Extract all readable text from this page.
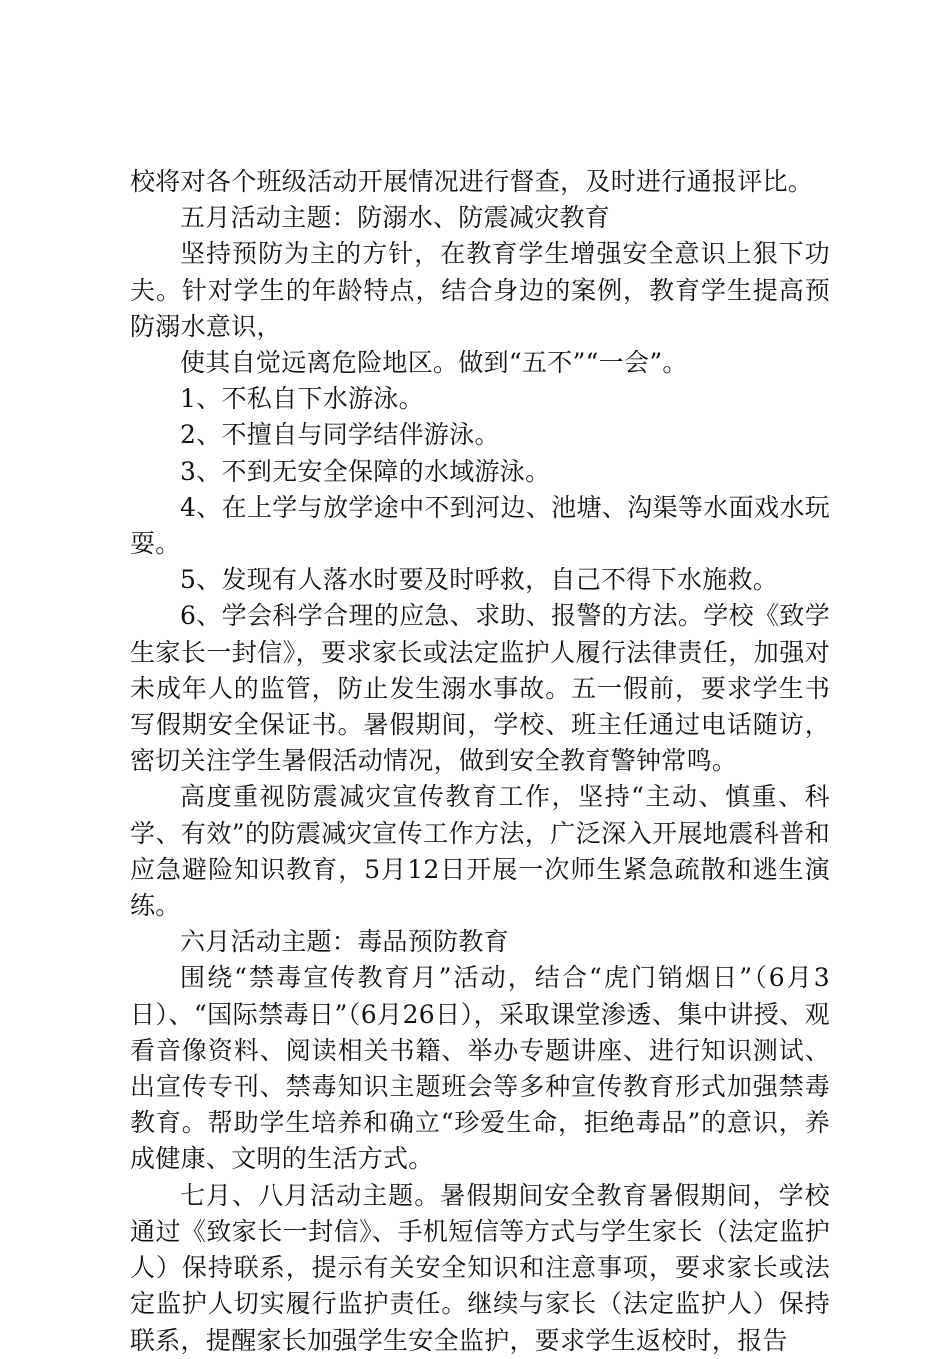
校将对各个班级活动开展情况进行督查，及时进行通报评比。

五月活动主题：防溺水、防震减灾教育

坚持预防为主的方针，在教育学生增强安全意识上狠下功夫。针对学生的年龄特点，结合身边的案例，教育学生提高预防溺水意识，

使其自觉远离危险地区。做到“五不”“一会”。

1、不私自下水游泳。

2、不擅自与同学结伴游泳。

3、不到无安全保障的水域游泳。

4、在上学与放学途中不到河边、池塘、沟渠等水面戏水玩耍。

5、发现有人落水时要及时呼救，自己不得下水施救。

6、学会科学合理的应急、求助、报警的方法。学校《致学生家长一封信》，要求家长或法定监护人履行法律责任，加强对未成年人的监管，防止发生溺水事故。五一假前，要求学生书写假期安全保证书。暑假期间，学校、班主任通过电话随访，密切关注学生暑假活动情况，做到安全教育警钟常鸣。

高度重视防震减灾宣传教育工作，坚持“主动、慎重、科学、有效”的防震减灾宣传工作方法，广泛深入开展地震科普和应急避险知识教育，5月12日开展一次师生紧急疏散和逃生演练。

六月活动主题：毒品预防教育

围绕“禁毒宣传教育月”活动，结合“虎门销烟日”（6月3日）、“国际禁毒日”（6月26日），采取课堂渗透、集中讲授、观看音像资料、阅读相关书籍、举办专题讲座、进行知识测试、出宣传专刊、禁毒知识主题班会等多种宣传教育形式加强禁毒教育。帮助学生培养和确立“珍爱生命，拒绝毒品”的意识，养成健康、文明的生活方式。

七月、八月活动主题。暑假期间安全教育暑假期间，学校通过《致家长一封信》、手机短信等方式与学生家长（法定监护人）保持联系，提示有关安全知识和注意事项，要求家长或法定监护人切实履行监护责任。继续与家长（法定监护人）保持联系，提醒家长加强学生安全监护，要求学生返校时，报告
